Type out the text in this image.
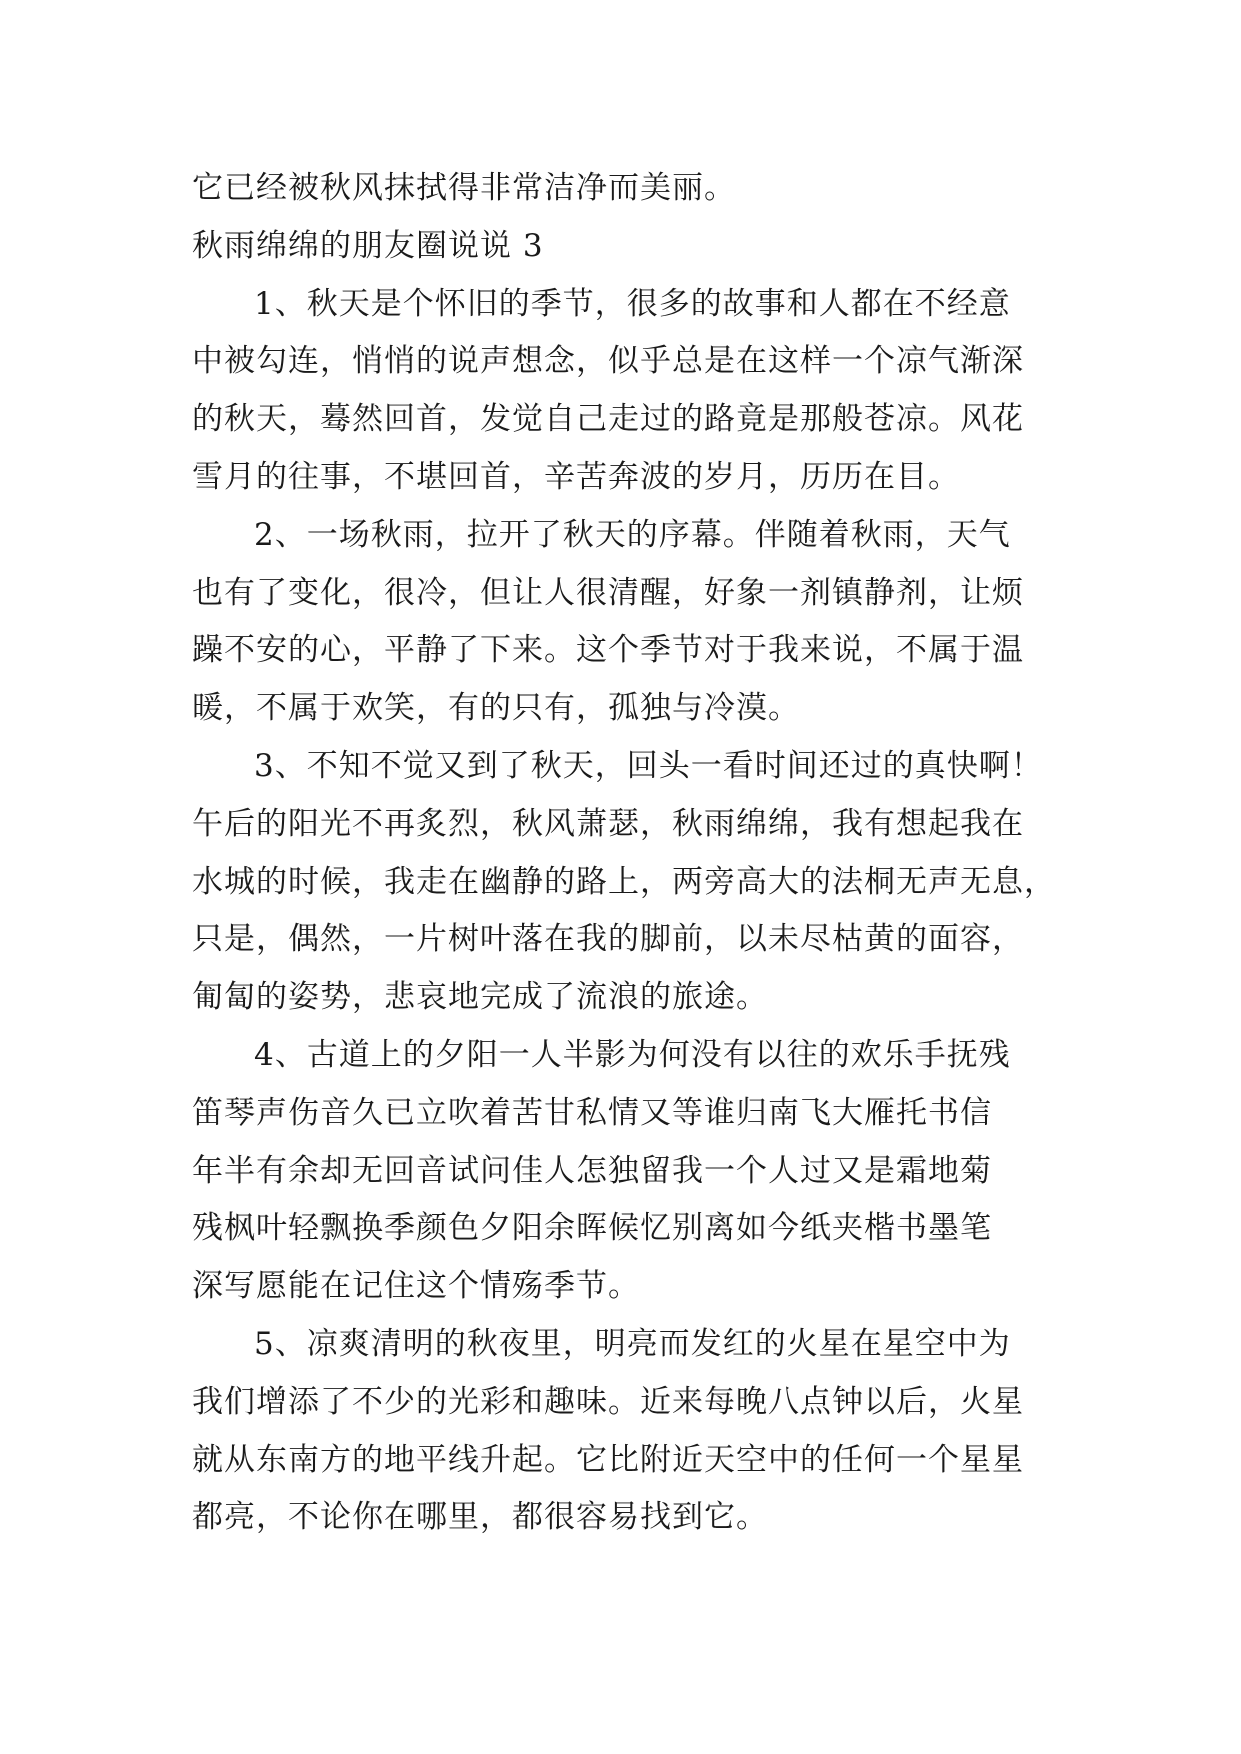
它已经被秋风抹拭得非常洁净而美丽。
秋雨绵绵的朋友圈说说 3
1、秋天是个怀旧的季节，很多的故事和人都在不经意
中被勾连，悄悄的说声想念，似乎总是在这样一个凉气渐深
的秋天，蓦然回首，发觉自己走过的路竟是那般苍凉。风花
雪月的往事，不堪回首，辛苦奔波的岁月，历历在目。
2、一场秋雨，拉开了秋天的序幕。伴随着秋雨，天气
也有了变化，很冷，但让人很清醒，好象一剂镇静剂，让烦
躁不安的心，平静了下来。这个季节对于我来说，不属于温
暖，不属于欢笑，有的只有，孤独与冷漠。
3、不知不觉又到了秋天，回头一看时间还过的真快啊！
午后的阳光不再炙烈，秋风萧瑟，秋雨绵绵，我有想起我在
水城的时候，我走在幽静的路上，两旁高大的法桐无声无息，
只是，偶然，一片树叶落在我的脚前，以未尽枯黄的面容，
匍匐的姿势，悲哀地完成了流浪的旅途。
4、古道上的夕阳一人半影为何没有以往的欢乐手抚残
笛琴声伤音久已立吹着苦甘私情又等谁归南飞大雁托书信
年半有余却无回音试问佳人怎独留我一个人过又是霜地菊
残枫叶轻飘换季颜色夕阳余晖候忆别离如今纸夹楷书墨笔
深写愿能在记住这个情殇季节。
5、凉爽清明的秋夜里，明亮而发红的火星在星空中为
我们增添了不少的光彩和趣味。近来每晚八点钟以后，火星
就从东南方的地平线升起。它比附近天空中的任何一个星星
都亮，不论你在哪里，都很容易找到它。
